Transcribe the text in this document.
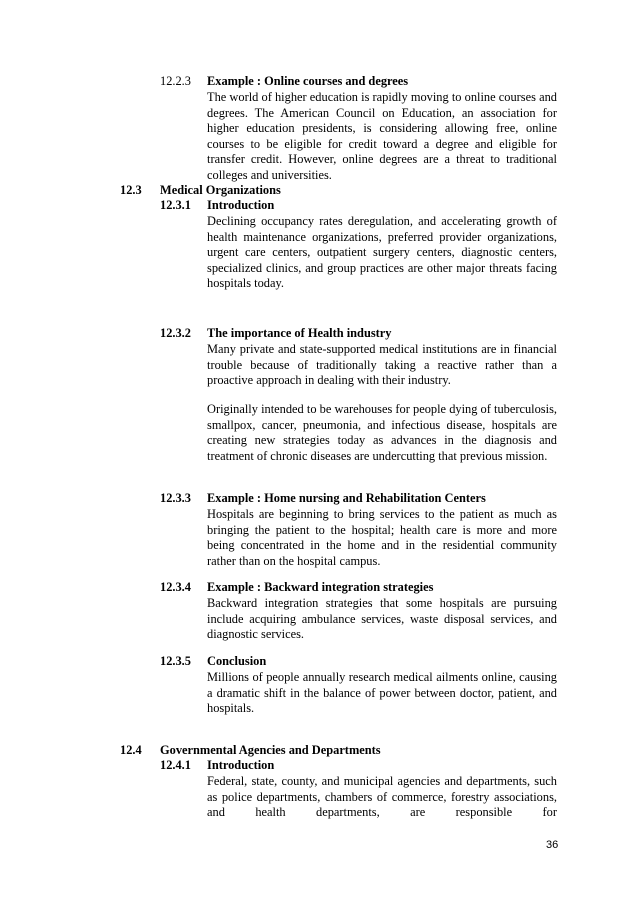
12.2.3 Example : Online courses and degrees
The world of higher education is rapidly moving to online courses and degrees. The American Council on Education, an association for higher education presidents, is considering allowing free, online courses to be eligible for credit toward a degree and eligible for transfer credit. However, online degrees are a threat to traditional colleges and universities.
12.3 Medical Organizations
12.3.1 Introduction
Declining occupancy rates deregulation, and accelerating growth of health maintenance organizations, preferred provider organizations, urgent care centers, outpatient surgery centers, diagnostic centers, specialized clinics, and group practices are other major threats facing hospitals today.
12.3.2 The importance of Health industry
Many private and state-supported medical institutions are in financial trouble because of traditionally taking a reactive rather than a proactive approach in dealing with their industry.
Originally intended to be warehouses for people dying of tuberculosis, smallpox, cancer, pneumonia, and infectious disease, hospitals are creating new strategies today as advances in the diagnosis and treatment of chronic diseases are undercutting that previous mission.
12.3.3 Example : Home nursing and Rehabilitation Centers
Hospitals are beginning to bring services to the patient as much as bringing the patient to the hospital; health care is more and more being concentrated in the home and in the residential community rather than on the hospital campus.
12.3.4 Example : Backward integration strategies
Backward integration strategies that some hospitals are pursuing include acquiring ambulance services, waste disposal services, and diagnostic services.
12.3.5 Conclusion
Millions of people annually research medical ailments online, causing a dramatic shift in the balance of power between doctor, patient, and hospitals.
12.4 Governmental Agencies and Departments
12.4.1 Introduction
Federal, state, county, and municipal agencies and departments, such as police departments, chambers of commerce, forestry associations, and health departments, are responsible for
36
